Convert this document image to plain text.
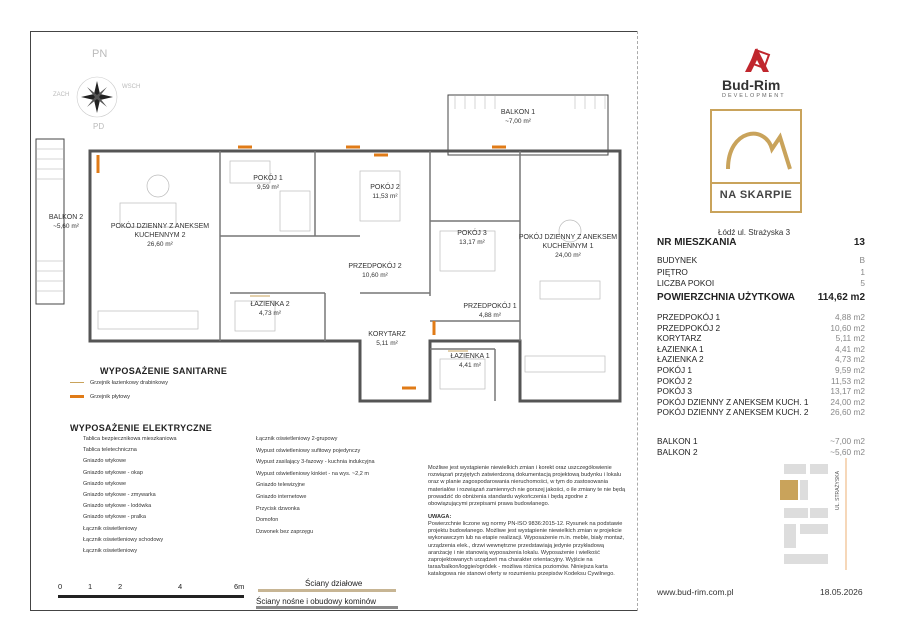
BALKON 1
~7,00 m²
BALKON 2
~5,60 m²
POKÓJ 1
9,59 m²	POKÓJ 2
11,53 m²
POKÓJ 3
13,17 m²
POKÓJ DZIENNY Z ANEKSEM KUCHENNYM 2
26,60 m²
POKÓJ DZIENNY Z ANEKSEM KUCHENNYM 1
24,00 m²
PRZEDPOKÓJ 2
10,60 m²
PRZEDPOKÓJ 1
4,88 m²
ŁAZIENKA 2
4,73 m²
ŁAZIENKA 1
4,41 m²
KORYTARZ
5,11 m²
PN
PD
ZACH
WSCH
WYPOSAŻENIE SANITARNE
Grzejnik łazienkowy drabinkowy
Grzejnik płytowy
WYPOSAŻENIE ELEKTRYCZNE
Tablica bezpiecznikowa mieszkaniowa
Tablica teletechniczna
Gniazdo wtykowe
Gniazdo wtykowe - okap
Gniazdo wtykowe
Gniazdo wtykowe - zmywarka
Gniazdo wtykowe - lodówka
Gniazdo wtykowe - pralka
Łącznik oświetleniowy
Łącznik oświetleniowy schodowy
Łącznik oświetleniowy
Łącznik oświetleniowy 2-grupowy
Wypust oświetleniowy sufitowy pojedynczy
Wypust zasilający 3-fazowy - kuchnia indukcyjna
Wypust oświetleniowy kinkiet - na wys. ~2,2 m
Gniazdo telewizyjne
Gniazdo internetowe
Przycisk dzwonka
Domofon
Dzwonek bez zaprzęgu
Możliwe jest wystąpienie niewielkich zmian i korekt oraz uszczegółowienie rozwiązań przyjętych zatwierdzoną dokumentacją projektową budynku i lokalu oraz w planie zagospodarowania nieruchomości, w tym do zastosowania materiałów i rozwiązań zamiennych nie gorszej jakości, o ile zmiany te nie będą prowadzić do obniżenia standardu wykończenia i będą zgodne z obowiązującymi przepisami prawa budowlanego.
UWAGA:
Powierzchnie liczone wg normy PN-ISO 9836:2015-12. Rysunek na podstawie projektu budowlanego. Możliwe jest wystąpienie niewielkich zmian w projekcie wykonawczym lub na etapie realizacji. Wyposażenie m.in. meble, biały montaż, urządzenia elek., drzwi wewnętrzne przedstawiają jedynie przykładową aranżację i nie stanowią wyposażenia lokalu. Wyposażenie i wielkość zaprojektowanych urządzeń ma charakter orientacyjny. Wyjście na taras/balkon/loggie/ogródek - możliwa różnica poziomów. Niniejsza karta katalogowa nie stanowi oferty w rozumieniu przepisów Kodeksu Cywilnego.
0	1	2	4	6m	Ściany działowe
Ściany nośne i obudowy kominów
Bud-Rim
DEVELOPMENT
NA SKARPIE
Łódź ul. Strażyska 3
NR MIESZKANIA	13
BUDYNEK	B
PIĘTRO	1
LICZBA POKOI	5
POWIERZCHNIA UŻYTKOWA 114,62 m2
PRZEDPOKÓJ 1	4,88 m2
PRZEDPOKÓJ 2	10,60 m2
KORYTARZ	5,11 m2
ŁAZIENKA 1	4,41 m2
ŁAZIENKA 2	4,73 m2
POKÓJ 1	9,59 m2
POKÓJ 2	11,53 m2
POKÓJ 3	13,17 m2
POKÓJ DZIENNY Z ANEKSEM KUCH. 1	24,00 m2
POKÓJ DZIENNY Z ANEKSEM KUCH. 2	26,60 m2
BALKON 1	~7,00 m2
BALKON 2	~5,60 m2
UL. STRAŻYSKA
www.bud-rim.com.pl	18.05.2026
